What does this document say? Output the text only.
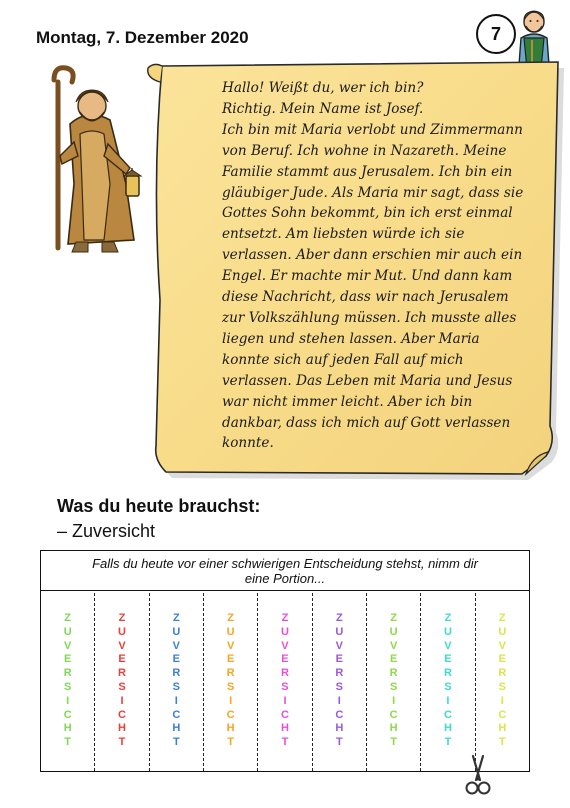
Montag, 7. Dezember 2020	7
Hallo! Weißt du, wer ich bin?
Richtig. Mein Name ist Josef.
Ich bin mit Maria verlobt und Zimmermann
von Beruf. Ich wohne in Nazareth. Meine
Familie stammt aus Jerusalem. Ich bin ein
gläubiger Jude. Als Maria mir sagt, dass sie
Gottes Sohn bekommt, bin ich erst einmal
entsetzt. Am liebsten würde ich sie
verlassen. Aber dann erschien mir auch ein
Engel. Er machte mir Mut. Und dann kam
diese Nachricht, dass wir nach Jerusalem
zur Volkszählung müssen. Ich musste alles
liegen und stehen lassen. Aber Maria
konnte sich auf jeden Fall auf mich
verlassen. Das Leben mit Maria und Jesus
war nicht immer leicht. Aber ich bin
dankbar, dass ich mich auf Gott verlassen
konnte.
Was du heute brauchst:
– Zuversicht
Falls du heute vor einer schwierigen Entscheidung stehst, nimm dir
eine Portion...
Z
U
V
E
R
S
I
C
H
T
Z
U
V
E
R
S
I
C
H
T
Z
U
V
E
R
S
I
C
H
T
Z
U
V
E
R
S
I
C
H
T
Z
U
V
E
R
S
I
C
H
T
Z
U
V
E
R
S
I
C
H
T
Z
U
V
E
R
S
I
C
H
T
Z
U
V
E
R
S
I
C
H
T
Z
U
V
E
R
S
I
C
H
T
